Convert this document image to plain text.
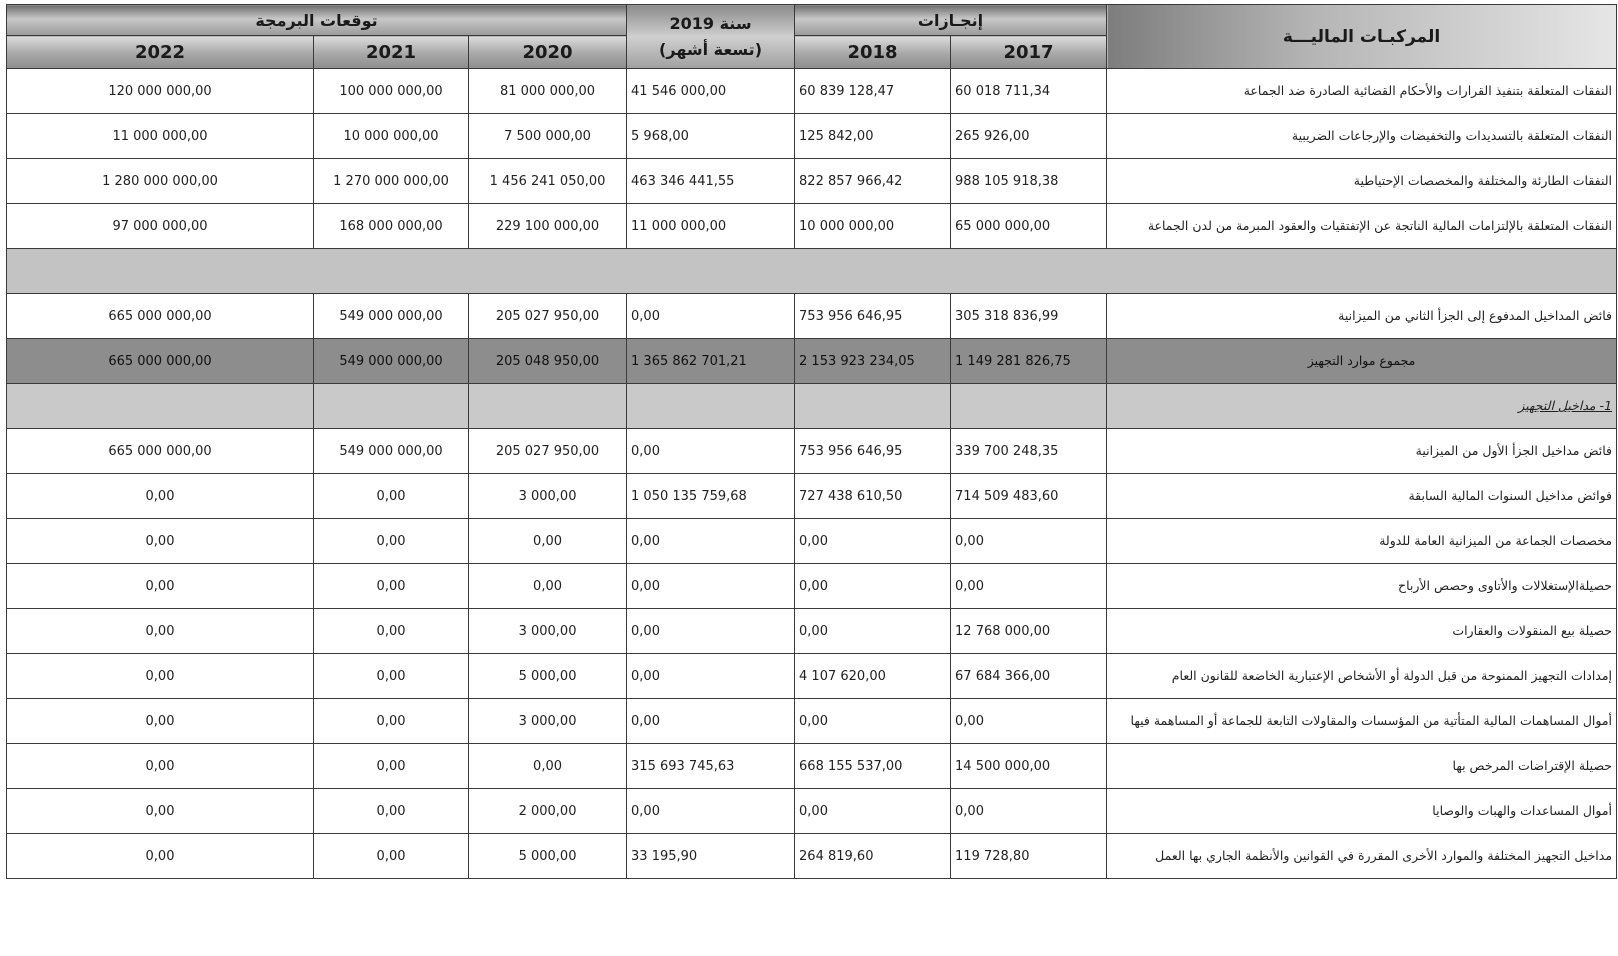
المركبـات الماليـــة	إنجـازات		سنة 2019
(تسعة أشهر)	توقعات البرمجة		
	2017	2018		2020	2021	2022
النفقات المتعلقة بتنفيذ القرارات والأحكام القضائية الصادرة ضد الجماعة	60 018 711,34	60 839 128,47	41 546 000,00	81 000 000,00	100 000 000,00	120 000 000,00
النفقات المتعلقة بالتسديدات والتخفيضات والإرجاعات الضريبية	265 926,00	125 842,00	5 968,00	7 500 000,00	10 000 000,00	11 000 000,00
النفقات الطارئة والمختلفة والمخصصات الإحتياطية	988 105 918,38	822 857 966,42	463 346 441,55	1 456 241 050,00	1 270 000 000,00	1 280 000 000,00
النفقات المتعلقة بالإلتزامات المالية الناتجة عن الإتفتقيات والعقود المبرمة من لدن الجماعة	65 000 000,00	10 000 000,00	11 000 000,00	229 100 000,00	168 000 000,00	97 000 000,00

فائض المداخيل المدفوع إلى الجزأ الثاني من الميزانية	305 318 836,99	753 956 646,95	0,00	205 027 950,00	549 000 000,00	665 000 000,00
مجموع موارد التجهيز	1 149 281 826,75	2 153 923 234,05	1 365 862 701,21	205 048 950,00	549 000 000,00	665 000 000,00
1- مداخيل التجهيز						
فائض مداخيل الجزأ الأول من الميزانية	339 700 248,35	753 956 646,95	0,00	205 027 950,00	549 000 000,00	665 000 000,00
فوائض مداخيل السنوات المالية السابقة	714 509 483,60	727 438 610,50	1 050 135 759,68	3 000,00	0,00	0,00
مخصصات الجماعة من الميزانية العامة للدولة	0,00	0,00	0,00	0,00	0,00	0,00
حصيلةالإستغلالات والأتاوى وحصص الأرباح	0,00	0,00	0,00	0,00	0,00	0,00
حصيلة بيع المنقولات والعقارات	12 768 000,00	0,00	0,00	3 000,00	0,00	0,00
إمدادات التجهيز الممنوحة من قبل الدولة أو الأشخاص الإعتبارية الخاضعة للقانون العام	67 684 366,00	4 107 620,00	0,00	5 000,00	0,00	0,00
أموال المساهمات المالية المتأتية من المؤسسات والمقاولات التابعة للجماعة أو المساهمة فيها	0,00	0,00	0,00	3 000,00	0,00	0,00
حصيلة الإقتراضات المرخص بها	14 500 000,00	668 155 537,00	315 693 745,63	0,00	0,00	0,00
أموال المساعدات والهبات والوصايا	0,00	0,00	0,00	2 000,00	0,00	0,00
مداخيل التجهيز المختلفة والموارد الأخرى المقررة في القوانين والأنظمة الجاري بها العمل	119 728,80	264 819,60	33 195,90	5 000,00	0,00	0,00
